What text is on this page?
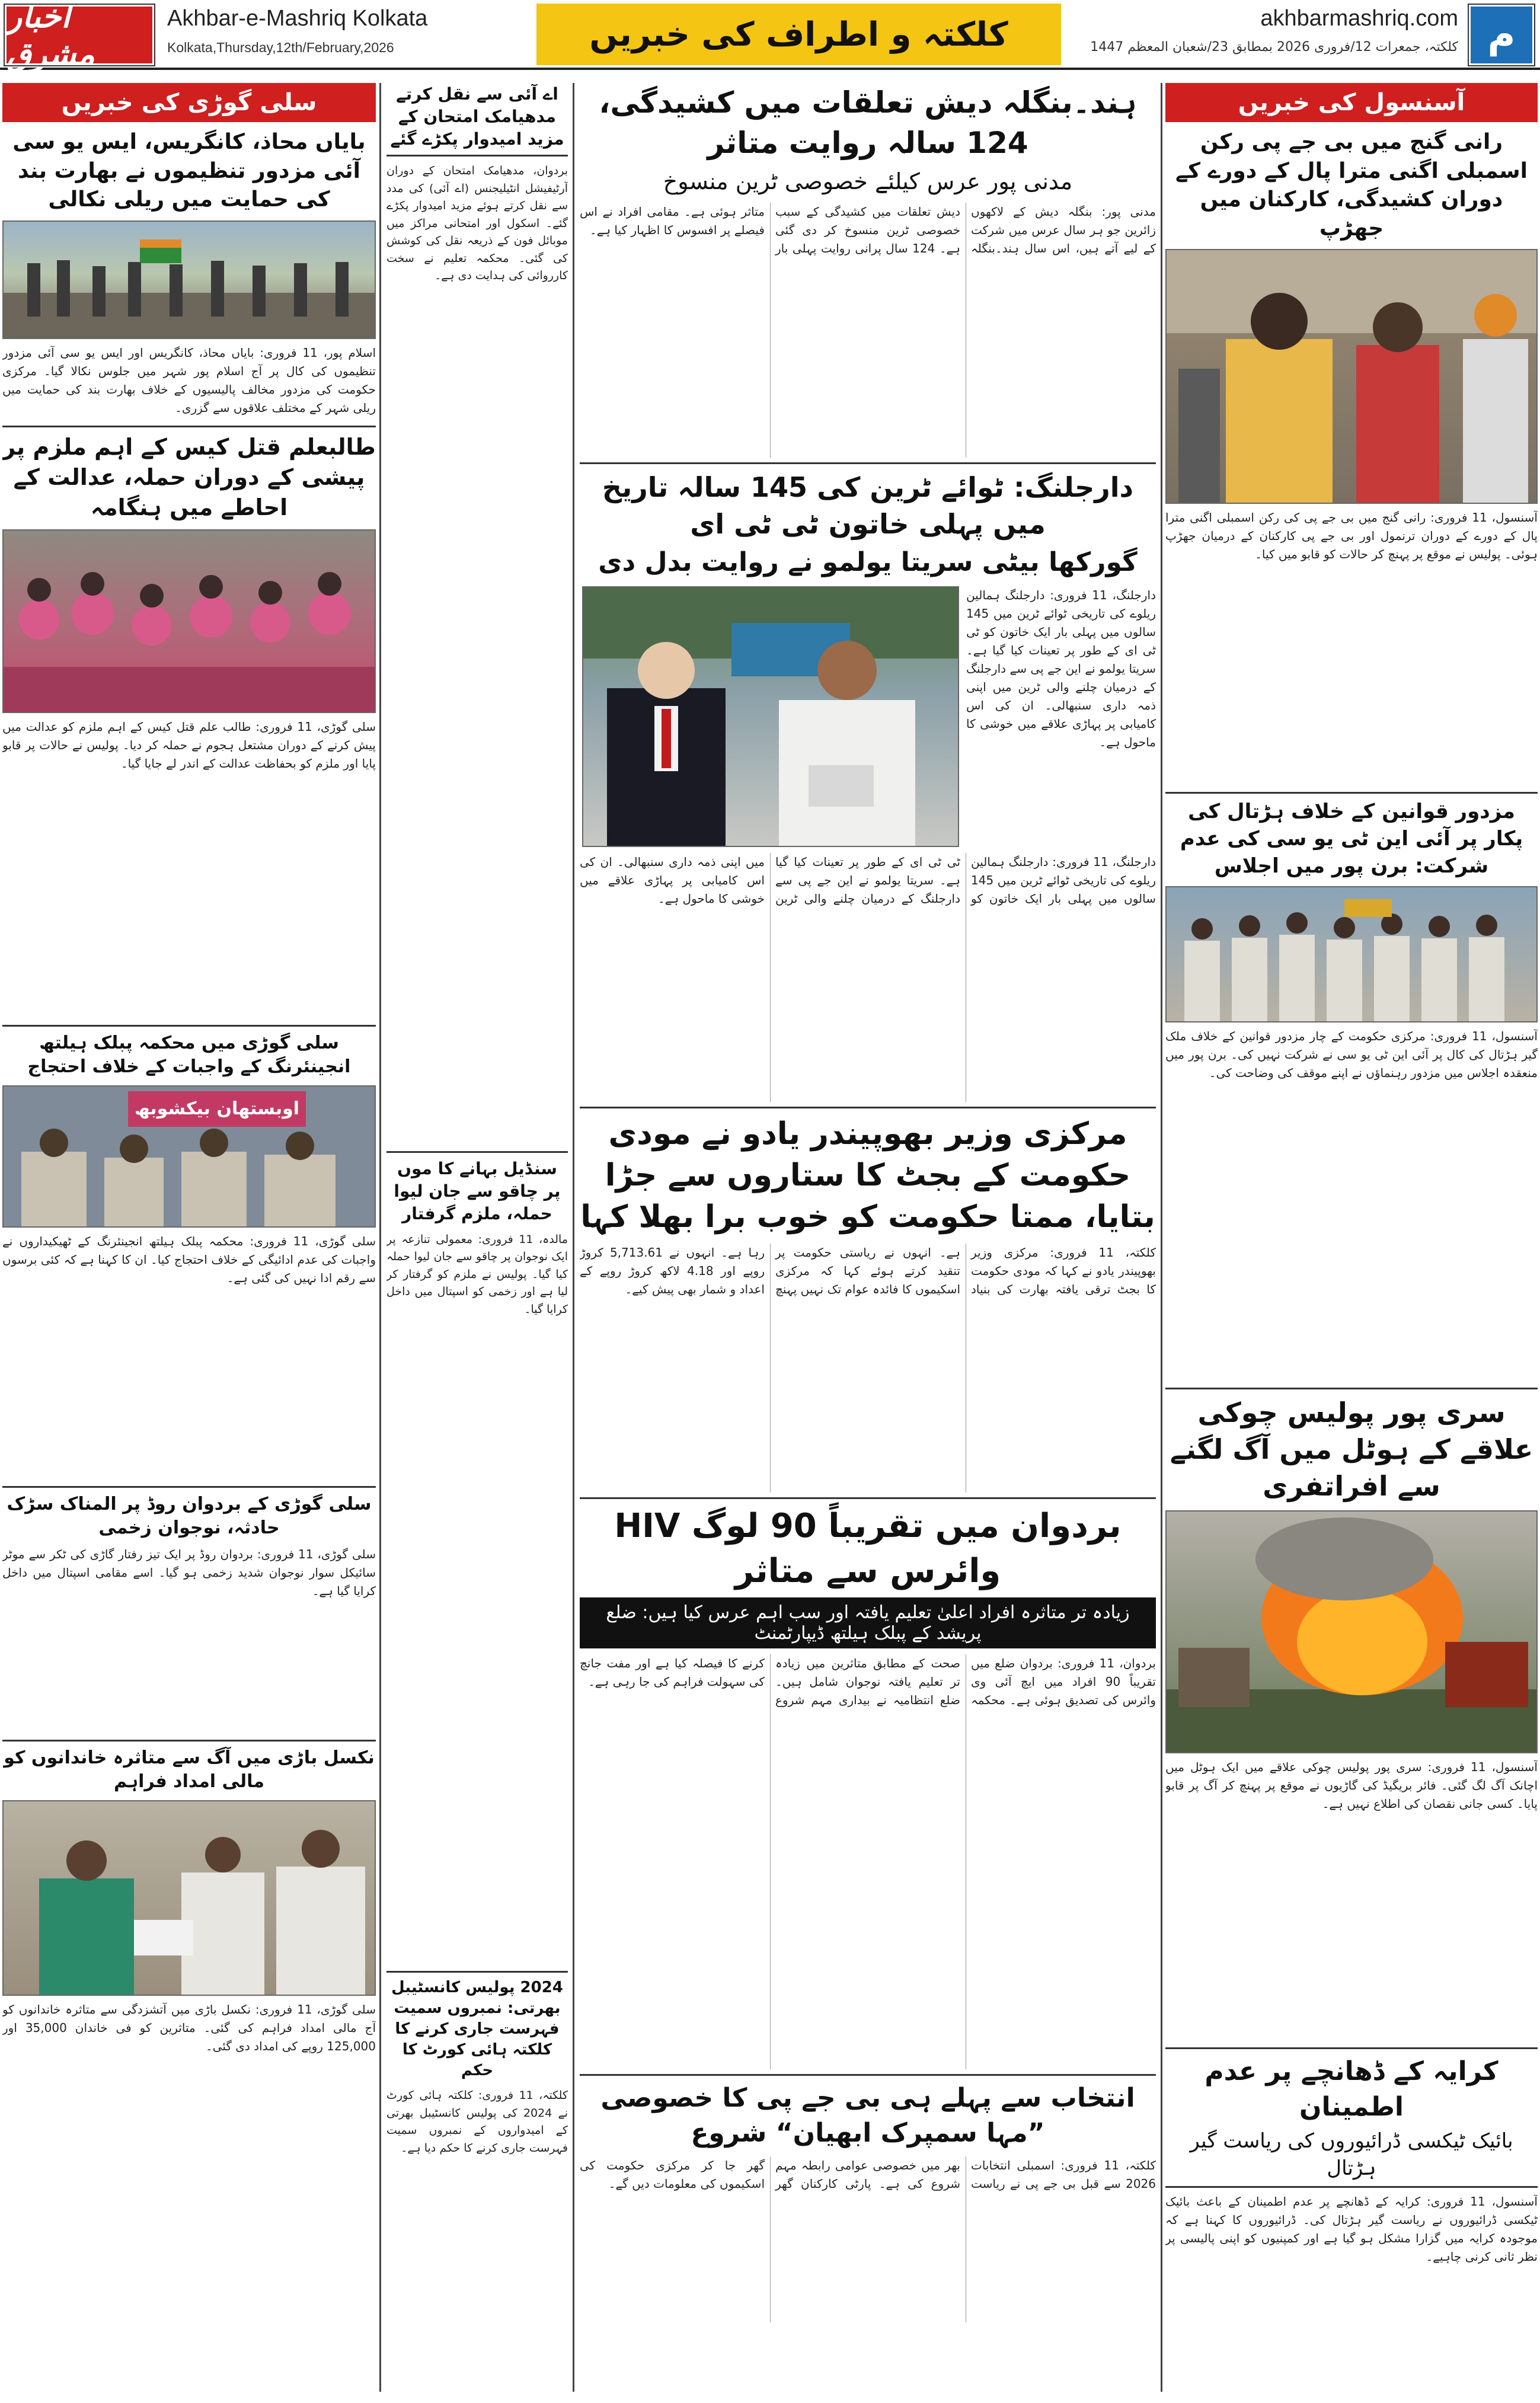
اخبار مشرق
Akhbar-e-Mashriq Kolkata
Kolkata,Thursday,12th/February,2026	کلکتہ و اطراف کی خبریں	akhbarmashriq.com
کلکتہ، جمعرات 12/فروری 2026 بمطابق 23/شعبان المعظم 1447 م
سلی گوڑی کی خبریں
بایاں محاذ، کانگریس، ایس یو سی آئی مزدور تنظیموں نے بھارت بند کی حمایت میں ریلی نکالی
اسلام پور، 11 فروری: بایاں محاذ، کانگریس اور ایس یو سی آئی مزدور تنظیموں کی کال پر آج اسلام پور شہر میں جلوس نکالا گیا۔ مرکزی حکومت کی مزدور مخالف پالیسیوں کے خلاف بھارت بند کی حمایت میں ریلی شہر کے مختلف علاقوں سے گزری۔
طالبعلم قتل کیس کے اہم ملزم پر پیشی کے دوران حملہ، عدالت کے احاطے میں ہنگامہ
سلی گوڑی، 11 فروری: طالب علم قتل کیس کے اہم ملزم کو عدالت میں پیش کرنے کے دوران مشتعل ہجوم نے حملہ کر دیا۔ پولیس نے حالات پر قابو پایا اور ملزم کو بحفاظت عدالت کے اندر لے جایا گیا۔
سلی گوڑی میں محکمہ پبلک ہیلتھ انجینئرنگ کے واجبات کے خلاف احتجاج
اوبستھان بیکشوبھ
سلی گوڑی، 11 فروری: محکمہ پبلک ہیلتھ انجینئرنگ کے ٹھیکیداروں نے واجبات کی عدم ادائیگی کے خلاف احتجاج کیا۔ ان کا کہنا ہے کہ کئی برسوں سے رقم ادا نہیں کی گئی ہے۔
سلی گوڑی کے بردوان روڈ پر المناک سڑک حادثہ، نوجوان زخمی
سلی گوڑی، 11 فروری: بردوان روڈ پر ایک تیز رفتار گاڑی کی ٹکر سے موٹر سائیکل سوار نوجوان شدید زخمی ہو گیا۔ اسے مقامی اسپتال میں داخل کرایا گیا ہے۔
نکسل باڑی میں آگ سے متاثرہ خاندانوں کو مالی امداد فراہم
سلی گوڑی، 11 فروری: نکسل باڑی میں آتشزدگی سے متاثرہ خاندانوں کو آج مالی امداد فراہم کی گئی۔ متاثرین کو فی خاندان 35,000 اور 125,000 روپے کی امداد دی گئی۔
اے آئی سے نقل کرتے مدھیامک امتحان کے مزید امیدوار پکڑے گئے
بردوان، مدھیامک امتحان کے دوران آرٹیفیشل انٹیلیجنس (اے آئی) کی مدد سے نقل کرتے ہوئے مزید امیدوار پکڑے گئے۔ اسکول اور امتحانی مراکز میں موبائل فون کے ذریعہ نقل کی کوشش کی گئی۔ محکمہ تعلیم نے سخت کارروائی کی ہدایت دی ہے۔
سنڈیل بہانے کا موں پر چاقو سے جان لیوا حملہ، ملزم گرفتار
مالدہ، 11 فروری: معمولی تنازعہ پر ایک نوجوان پر چاقو سے جان لیوا حملہ کیا گیا۔ پولیس نے ملزم کو گرفتار کر لیا ہے اور زخمی کو اسپتال میں داخل کرایا گیا۔
2024 پولیس کانسٹیبل بھرتی: نمبروں سمیت فہرست جاری کرنے کا کلکتہ ہائی کورٹ کا حکم
کلکتہ، 11 فروری: کلکتہ ہائی کورٹ نے 2024 کی پولیس کانسٹیبل بھرتی کے امیدواروں کے نمبروں سمیت فہرست جاری کرنے کا حکم دیا ہے۔
ہند۔بنگلہ دیش تعلقات میں کشیدگی، 124 سالہ روایت متاثر
مدنی پور عرس کیلئے خصوصی ٹرین منسوخ
مدنی پور: بنگلہ دیش کے لاکھوں زائرین جو ہر سال عرس میں شرکت کے لیے آتے ہیں، اس سال ہند۔بنگلہ دیش تعلقات میں کشیدگی کے سبب خصوصی ٹرین منسوخ کر دی گئی ہے۔ 124 سال پرانی روایت پہلی بار متاثر ہوئی ہے۔ مقامی افراد نے اس فیصلے پر افسوس کا اظہار کیا ہے۔
دارجلنگ: ٹوائے ٹرین کی 145 سالہ تاریخ میں پہلی خاتون ٹی ٹی ای
گورکھا بیٹی سریتا یولمو نے روایت بدل دی
دارجلنگ، 11 فروری: دارجلنگ ہمالین ریلوے کی تاریخی ٹوائے ٹرین میں 145 سالوں میں پہلی بار ایک خاتون کو ٹی ٹی ای کے طور پر تعینات کیا گیا ہے۔ سریتا یولمو نے این جے پی سے دارجلنگ کے درمیان چلنے والی ٹرین میں اپنی ذمہ داری سنبھالی۔ ان کی اس کامیابی پر پہاڑی علاقے میں خوشی کا ماحول ہے۔
دارجلنگ، 11 فروری: دارجلنگ ہمالین ریلوے کی تاریخی ٹوائے ٹرین میں 145 سالوں میں پہلی بار ایک خاتون کو ٹی ٹی ای کے طور پر تعینات کیا گیا ہے۔ سریتا یولمو نے این جے پی سے دارجلنگ کے درمیان چلنے والی ٹرین میں اپنی ذمہ داری سنبھالی۔ ان کی اس کامیابی پر پہاڑی علاقے میں خوشی کا ماحول ہے۔
مرکزی وزیر بھوپیندر یادو نے مودی حکومت کے بجٹ کا ستاروں سے جڑا بتایا، ممتا حکومت کو خوب برا بھلا کہا
کلکتہ، 11 فروری: مرکزی وزیر بھوپیندر یادو نے کہا کہ مودی حکومت کا بجٹ ترقی یافتہ بھارت کی بنیاد ہے۔ انہوں نے ریاستی حکومت پر تنقید کرتے ہوئے کہا کہ مرکزی اسکیموں کا فائدہ عوام تک نہیں پہنچ رہا ہے۔ انہوں نے 5,713.61 کروڑ روپے اور 4.18 لاکھ کروڑ روپے کے اعداد و شمار بھی پیش کیے۔
بردوان میں تقریباً 90 لوگ HIV وائرس سے متاثر
زیادہ تر متاثرہ افراد اعلیٰ تعلیم یافتہ اور سب اہم عرس کیا ہیں: ضلع پریشد کے پبلک ہیلتھ ڈیپارٹمنٹ
بردوان، 11 فروری: بردوان ضلع میں تقریباً 90 افراد میں ایچ آئی وی وائرس کی تصدیق ہوئی ہے۔ محکمہ صحت کے مطابق متاثرین میں زیادہ تر تعلیم یافتہ نوجوان شامل ہیں۔ ضلع انتظامیہ نے بیداری مہم شروع کرنے کا فیصلہ کیا ہے اور مفت جانچ کی سہولت فراہم کی جا رہی ہے۔
انتخاب سے پہلے ہی بی جے پی کا خصوصی ”مہا سمپرک ابھیان“ شروع
کلکتہ، 11 فروری: اسمبلی انتخابات 2026 سے قبل بی جے پی نے ریاست بھر میں خصوصی عوامی رابطہ مہم شروع کی ہے۔ پارٹی کارکنان گھر گھر جا کر مرکزی حکومت کی اسکیموں کی معلومات دیں گے۔
آسنسول کی خبریں
رانی گنج میں بی جے پی رکن اسمبلی اگنی مترا پال کے دورے کے دوران کشیدگی، کارکنان میں جھڑپ
آسنسول، 11 فروری: رانی گنج میں بی جے پی کی رکن اسمبلی اگنی مترا پال کے دورے کے دوران ترنمول اور بی جے پی کارکنان کے درمیان جھڑپ ہوئی۔ پولیس نے موقع پر پہنچ کر حالات کو قابو میں کیا۔
مزدور قوانین کے خلاف ہڑتال کی پکار پر آئی این ٹی یو سی کی عدم شرکت: برن پور میں اجلاس
آسنسول، 11 فروری: مرکزی حکومت کے چار مزدور قوانین کے خلاف ملک گیر ہڑتال کی کال پر آئی این ٹی یو سی نے شرکت نہیں کی۔ برن پور میں منعقدہ اجلاس میں مزدور رہنماؤں نے اپنے موقف کی وضاحت کی۔
سری پور پولیس چوکی علاقے کے ہوٹل میں آگ لگنے سے افراتفری
آسنسول، 11 فروری: سری پور پولیس چوکی علاقے میں ایک ہوٹل میں اچانک آگ لگ گئی۔ فائر بریگیڈ کی گاڑیوں نے موقع پر پہنچ کر آگ پر قابو پایا۔ کسی جانی نقصان کی اطلاع نہیں ہے۔
کرایہ کے ڈھانچے پر عدم اطمینان
بائیک ٹیکسی ڈرائیوروں کی ریاست گیر ہڑتال
آسنسول، 11 فروری: کرایہ کے ڈھانچے پر عدم اطمینان کے باعث بائیک ٹیکسی ڈرائیوروں نے ریاست گیر ہڑتال کی۔ ڈرائیوروں کا کہنا ہے کہ موجودہ کرایہ میں گزارا مشکل ہو گیا ہے اور کمپنیوں کو اپنی پالیسی پر نظر ثانی کرنی چاہیے۔
